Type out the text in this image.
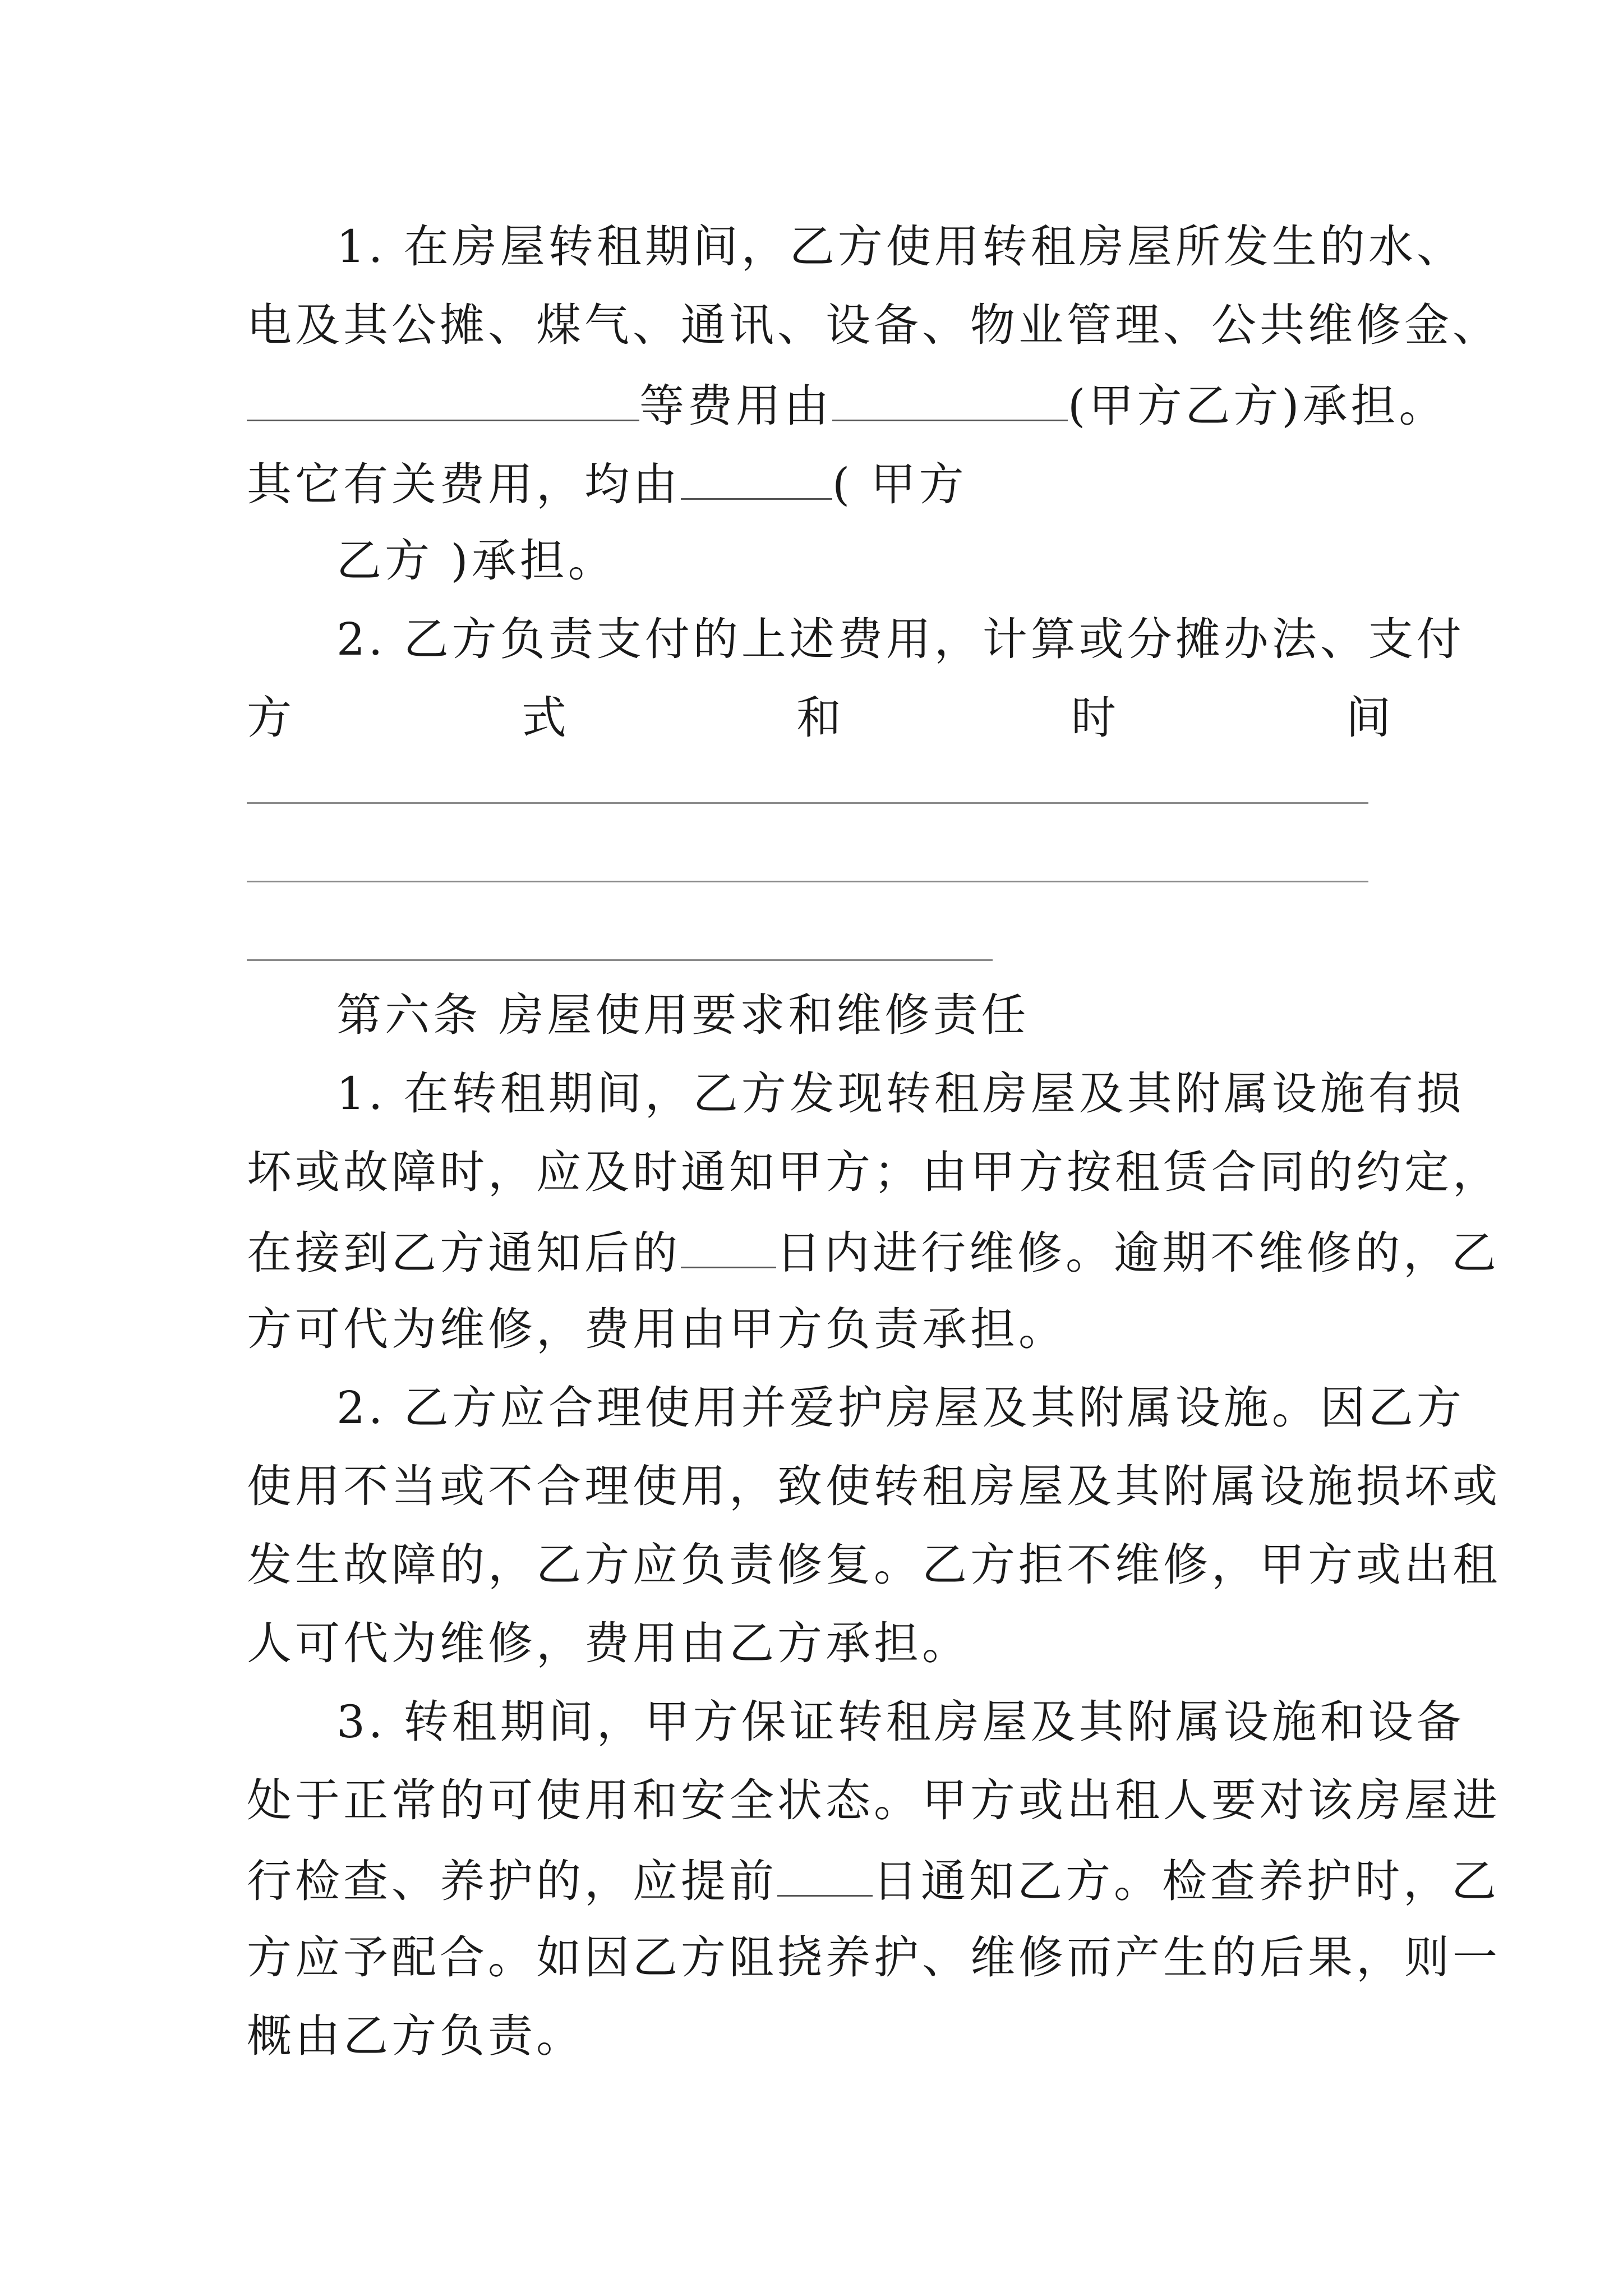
1. 在房屋转租期间，乙方使用转租房屋所发生的水、
电及其公摊、煤气、通讯、设备、物业管理、公共维修金、
等费用由	(甲方乙方)承担。
其它有关费用，均由	( 甲方
乙方 )承担。
2. 乙方负责支付的上述费用，计算或分摊办法、支付
方	式	和	时	间
第六条 房屋使用要求和维修责任
1. 在转租期间，乙方发现转租房屋及其附属设施有损
坏或故障时，应及时通知甲方；由甲方按租赁合同的约定，
在接到乙方通知后的 日内进行维修。逾期不维修的，乙
方可代为维修，费用由甲方负责承担。
2. 乙方应合理使用并爱护房屋及其附属设施。因乙方
使用不当或不合理使用，致使转租房屋及其附属设施损坏或
发生故障的，乙方应负责修复。乙方拒不维修，甲方或出租
人可代为维修，费用由乙方承担。
3. 转租期间，甲方保证转租房屋及其附属设施和设备
处于正常的可使用和安全状态。甲方或出租人要对该房屋进
行检查、养护的，应提前 日通知乙方。检查养护时，乙
方应予配合。如因乙方阻挠养护、维修而产生的后果，则一
概由乙方负责。
